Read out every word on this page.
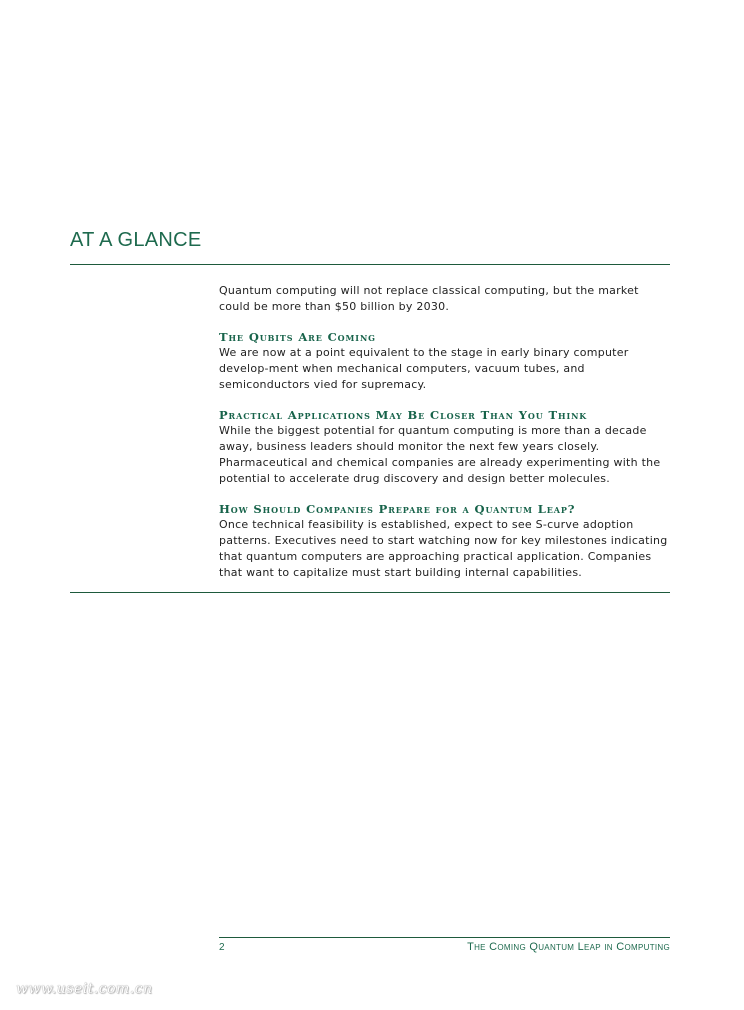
AT A GLANCE

Quantum computing will not replace classical computing, but the market could be more than $50 billion by 2030.

The Qubits Are Coming

We are now at a point equivalent to the stage in early binary computer develop-ment when mechanical computers, vacuum tubes, and semiconductors vied for supremacy.

Practical Applications May Be Closer Than You Think

While the biggest potential for quantum computing is more than a decade away, business leaders should monitor the next few years closely. Pharmaceutical and chemical companies are already experimenting with the potential to accelerate drug discovery and design better molecules.

How Should Companies Prepare for a Quantum Leap?

Once technical feasibility is established, expect to see S-curve adoption patterns. Executives need to start watching now for key milestones indicating that quantum computers are approaching practical application. Companies that want to capitalize must start building internal capabilities.

2	The Coming Quantum Leap in Computing
www.useit.com.cn
